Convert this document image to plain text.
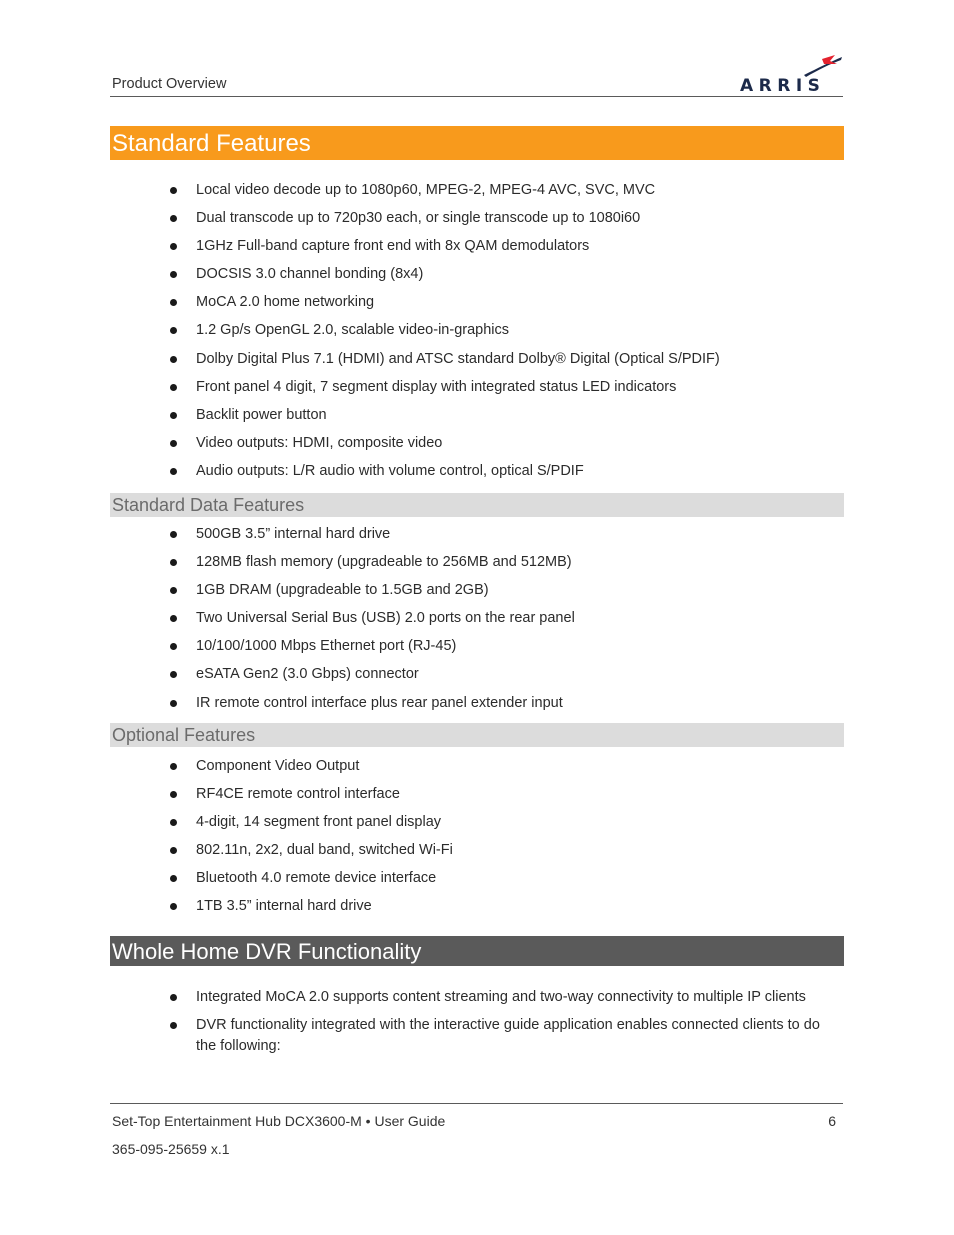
Product Overview	ARRIS
Standard Features
Local video decode up to 1080p60, MPEG-2, MPEG-4 AVC, SVC, MVC
Dual transcode up to 720p30 each, or single transcode up to 1080i60
1GHz Full-band capture front end with 8x QAM demodulators
DOCSIS 3.0 channel bonding (8x4)
MoCA 2.0 home networking
1.2 Gp/s OpenGL 2.0, scalable video-in-graphics
Dolby Digital Plus 7.1 (HDMI) and ATSC standard Dolby® Digital (Optical S/PDIF)
Front panel 4 digit, 7 segment display with integrated status LED indicators
Backlit power button
Video outputs: HDMI, composite video
Audio outputs: L/R audio with volume control, optical S/PDIF
Standard Data Features
500GB 3.5” internal hard drive
128MB flash memory (upgradeable to 256MB and 512MB)
1GB DRAM (upgradeable to 1.5GB and 2GB)
Two Universal Serial Bus (USB) 2.0 ports on the rear panel
10/100/1000 Mbps Ethernet port (RJ-45)
eSATA Gen2 (3.0 Gbps) connector
IR remote control interface plus rear panel extender input
Optional Features
Component Video Output
RF4CE remote control interface
4-digit, 14 segment front panel display
802.11n, 2x2, dual band, switched Wi-Fi
Bluetooth 4.0 remote device interface
1TB 3.5” internal hard drive
Whole Home DVR Functionality
Integrated MoCA 2.0 supports content streaming and two-way connectivity to multiple IP clients
DVR functionality integrated with the interactive guide application enables connected clients to do the following:
Set-Top Entertainment Hub DCX3600-M • User Guide	6
365-095-25659 x.1
